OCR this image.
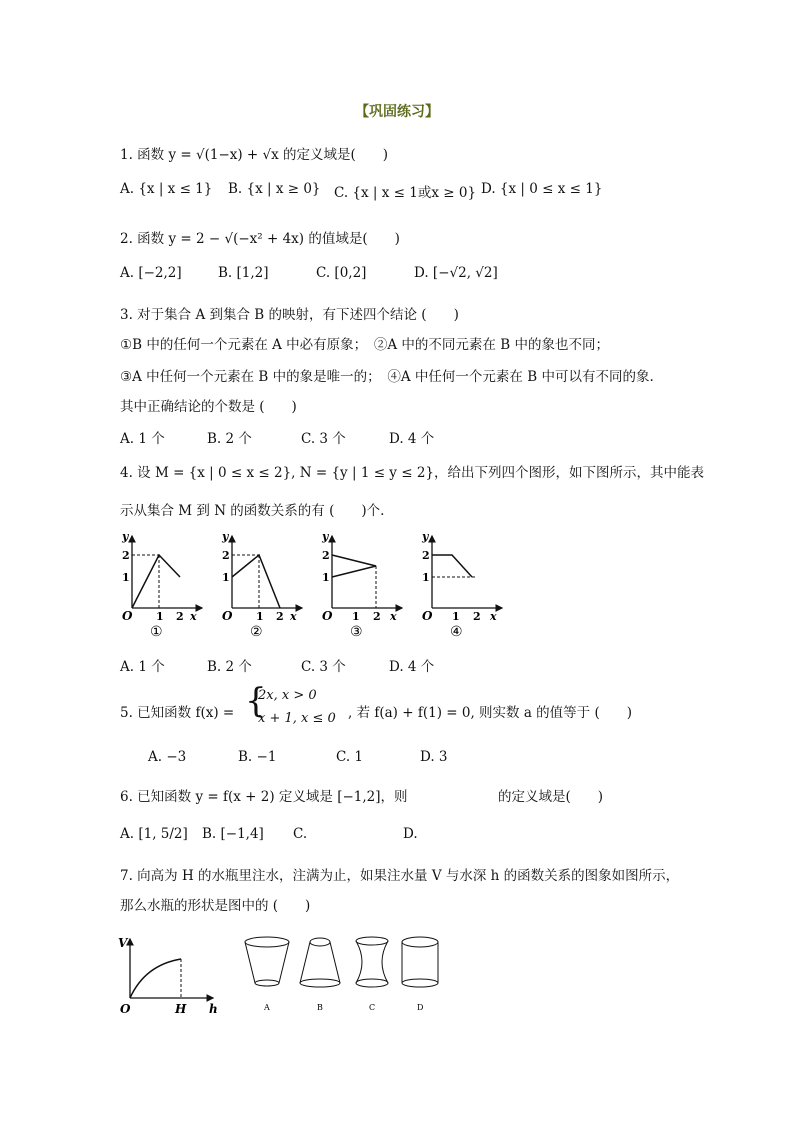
【巩固练习】
1. 函数 y = √(1−x) + √x 的定义域是(　　)
A. {x | x ≤ 1} B. {x | x ≥ 0} C. {x | x ≤ 1或x ≥ 0} D. {x | 0 ≤ x ≤ 1}
2. 函数 y = 2 − √(−x² + 4x) 的值域是(　　)
A. [−2,2]	B. [1,2]	C. [0,2]	D. [−√2, √2]
3. 对于集合 A 到集合 B 的映射，有下述四个结论 (　　)
①B 中的任何一个元素在 A 中必有原象；　②A 中的不同元素在 B 中的象也不同；
③A 中任何一个元素在 B 中的象是唯一的；　④A 中任何一个元素在 B 中可以有不同的象.
其中正确结论的个数是 (　　)
A. 1 个	B. 2 个	C. 3 个	D. 4 个
4. 设 M = {x | 0 ≤ x ≤ 2}, N = {y | 1 ≤ y ≤ 2}，给出下列四个图形，如下图所示，其中能表
示从集合 M 到 N 的函数关系的有 (　　)个.
y
2
1
O 1 2 x
①
y
2
1
O 1 2 x
②
y
2
1
O 1 2 x
③
y
2
1
O 1 2 x
④
A. 1 个	B. 2 个	C. 3 个	D. 4 个
5. 已知函数 f(x) = {
2x, x > 0
x + 1, x ≤ 0 , 若 f(a) + f(1) = 0, 则实数 a 的值等于 (　　)
A. −3	B. −1	C. 1	D. 3
6. 已知函数 y = f(x + 2) 定义域是 [−1,2]，则	的定义域是(　　)
A. [1, 5/2] B. [−1,4] C.	D.
7. 向高为 H 的水瓶里注水，注满为止，如果注水量 V 与水深 h 的函数关系的图象如图所示，
那么水瓶的形状是图中的 (　　)
V
O	H h	A	B	C	D
